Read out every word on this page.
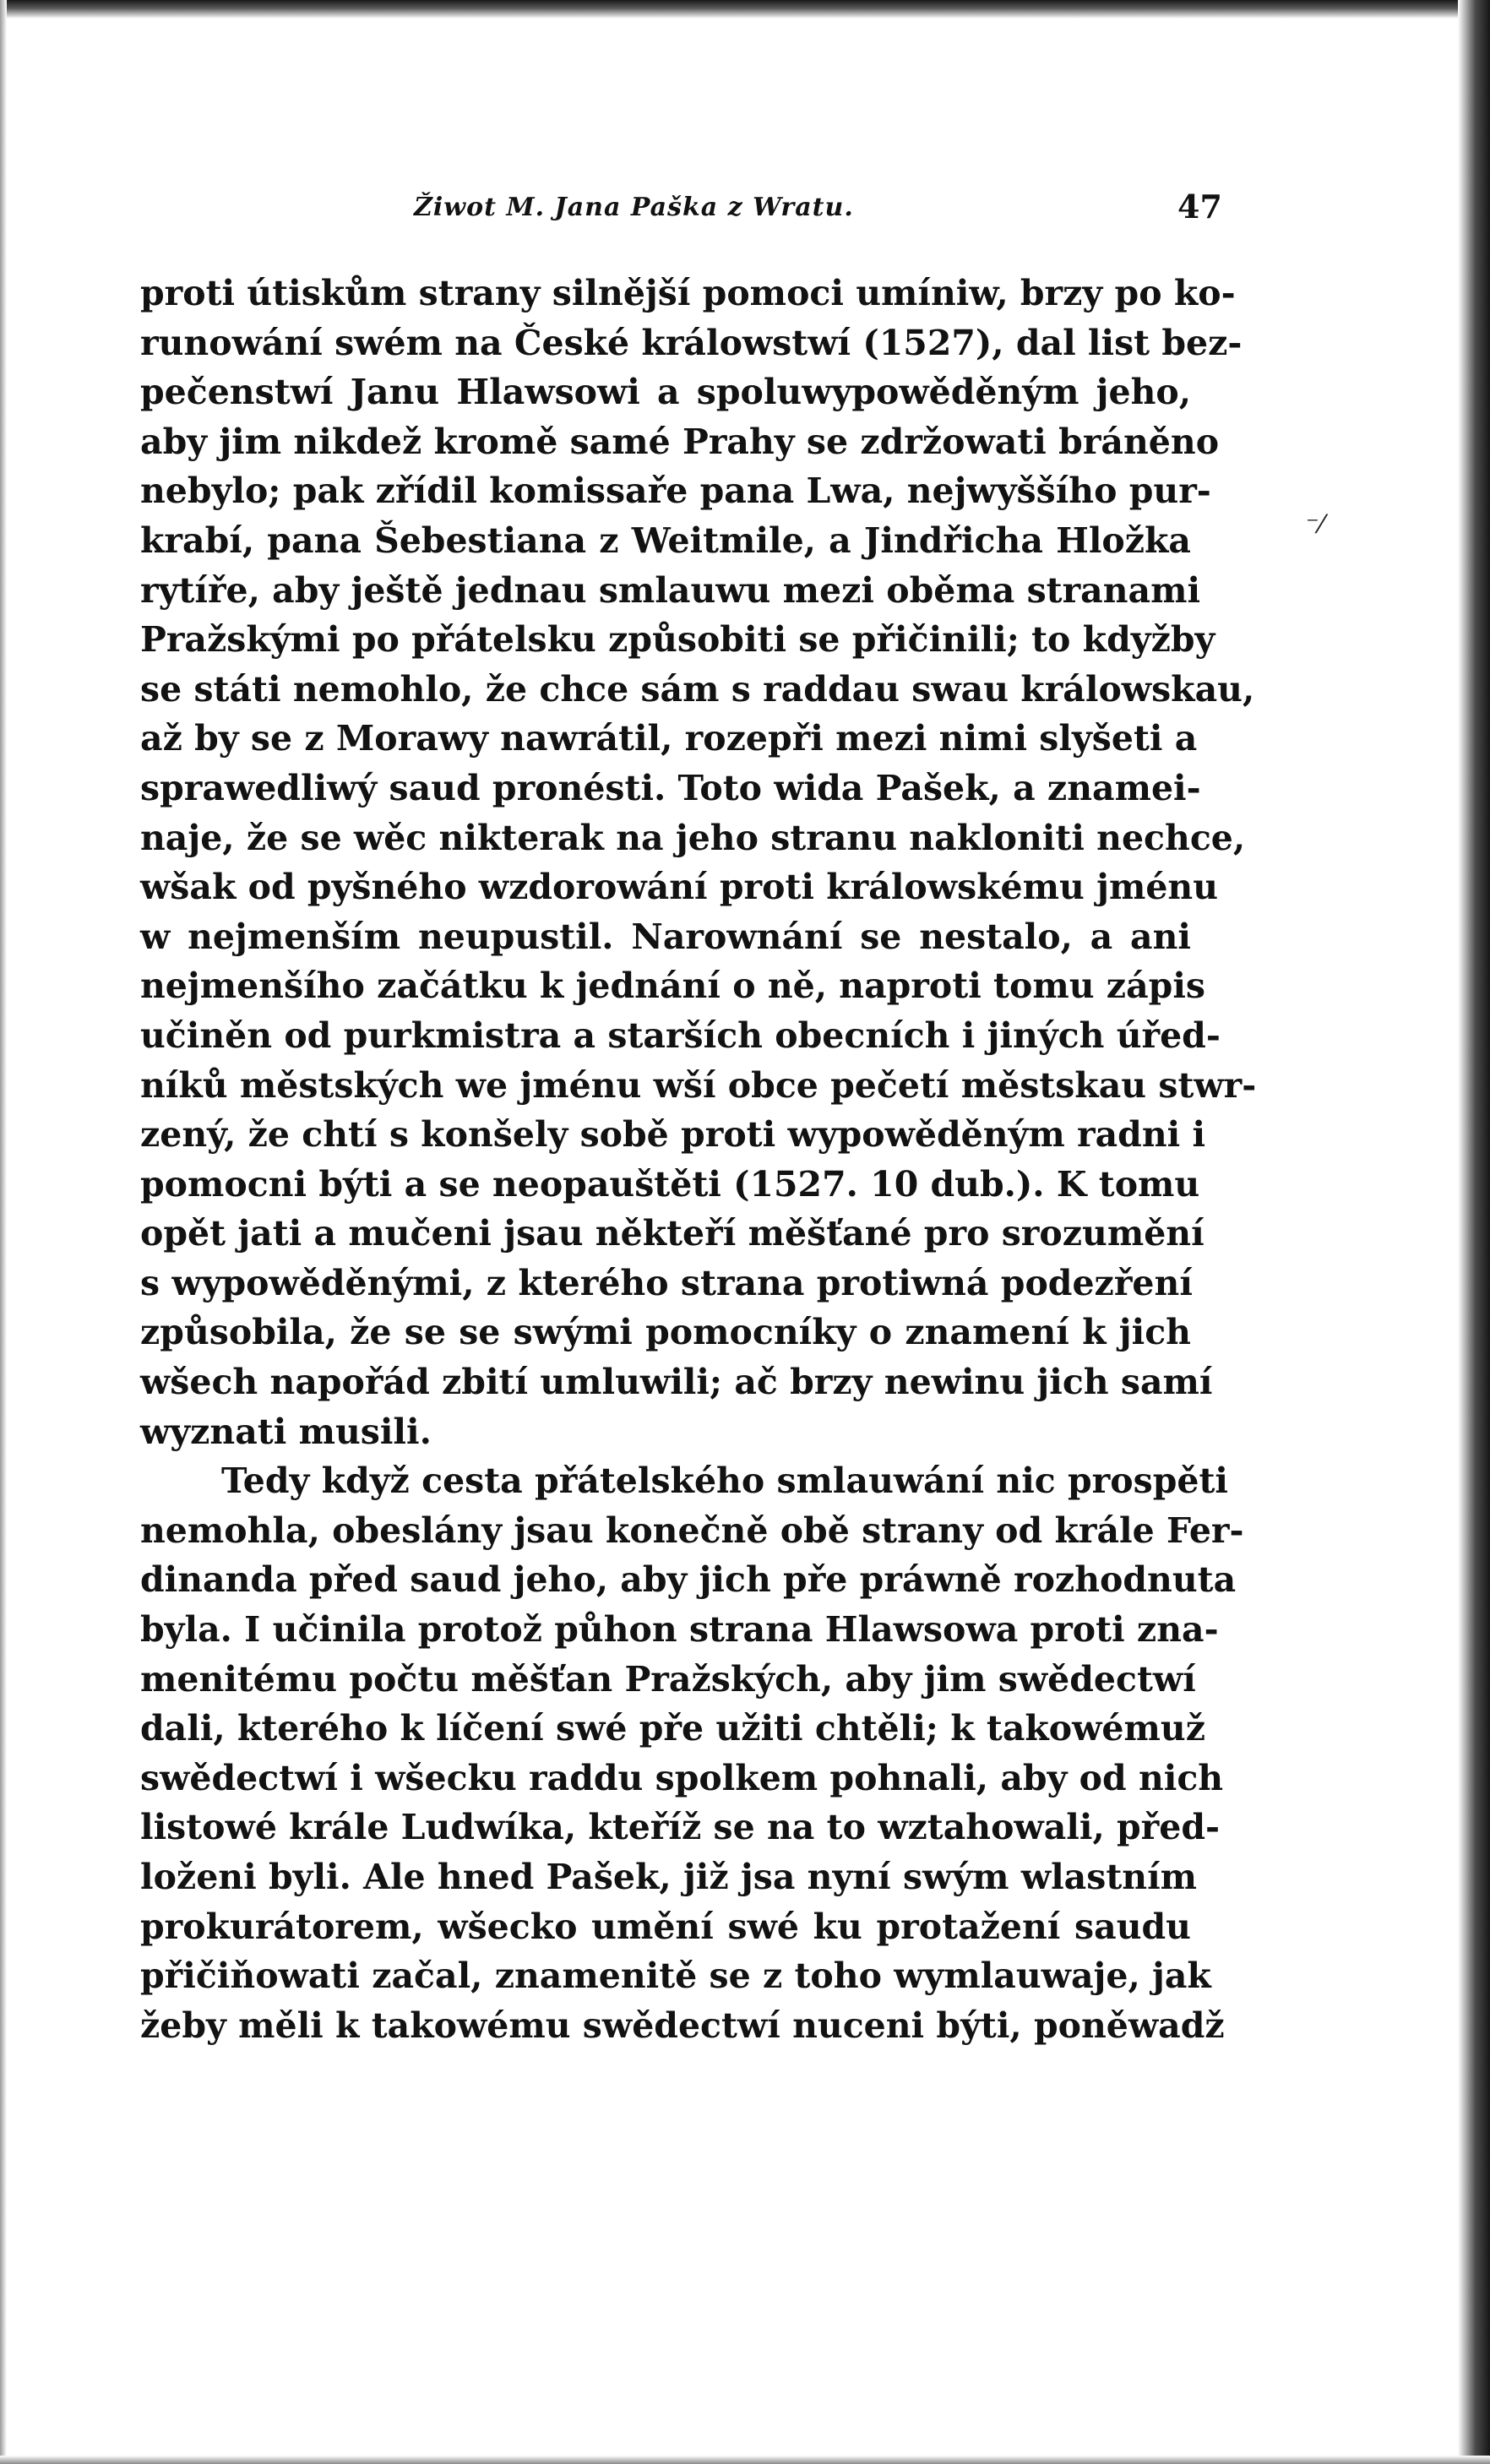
Žiwot M. Jana Paška z Wratu.	47
⁻⁄
proti útiskům strany silnější pomoci umíniw, brzy po ko-
runowání swém na České králowstwí (1527), dal list bez-
pečenstwí Janu Hlawsowi a spoluwypowěděným jeho,
aby jim nikdež kromě samé Prahy se zdržowati bráněno
nebylo; pak zřídil komissaře pana Lwa, nejwyššího pur-
krabí, pana Šebestiana z Weitmile, a Jindřicha Hložka
rytíře, aby ještě jednau smlauwu mezi oběma stranami
Pražskými po přátelsku způsobiti se přičinili; to kdyžby
se státi nemohlo, že chce sám s raddau swau králowskau,
až by se z Morawy nawrátil, rozepři mezi nimi slyšeti a
sprawedliwý saud pronésti. Toto wida Pašek, a znamei-
naje, že se wěc nikterak na jeho stranu nakloniti nechce,
wšak od pyšného wzdorowání proti králowskému jménu
w nejmenším neupustil. Narownání se nestalo, a ani
nejmenšího začátku k jednání o ně, naproti tomu zápis
učiněn od purkmistra a starších obecních i jiných úřed-
níků městských we jménu wší obce pečetí městskau stwr-
zený, že chtí s konšely sobě proti wypowěděným radni i
pomocni býti a se neopauštěti (1527. 10 dub.). K tomu
opět jati a mučeni jsau někteří měšťané pro srozumění
s wypowěděnými, z kterého strana protiwná podezření
způsobila, že se se swými pomocníky o znamení k jich
wšech napořád zbití umluwili; ač brzy newinu jich samí
wyznati musili.
Tedy když cesta přátelského smlauwání nic prospěti
nemohla, obeslány jsau konečně obě strany od krále Fer-
dinanda před saud jeho, aby jich pře práwně rozhodnuta
byla. I učinila protož půhon strana Hlawsowa proti zna-
menitému počtu měšťan Pražských, aby jim swědectwí
dali, kterého k líčení swé pře užiti chtěli; k takowémuž
swědectwí i wšecku raddu spolkem pohnali, aby od nich
listowé krále Ludwíka, kteříž se na to wztahowali, před-
loženi byli. Ale hned Pašek, již jsa nyní swým wlastním
prokurátorem, wšecko umění swé ku protažení saudu
přičiňowati začal, znamenitě se z toho wymlauwaje, jak
žeby měli k takowému swědectwí nuceni býti, poněwadž
